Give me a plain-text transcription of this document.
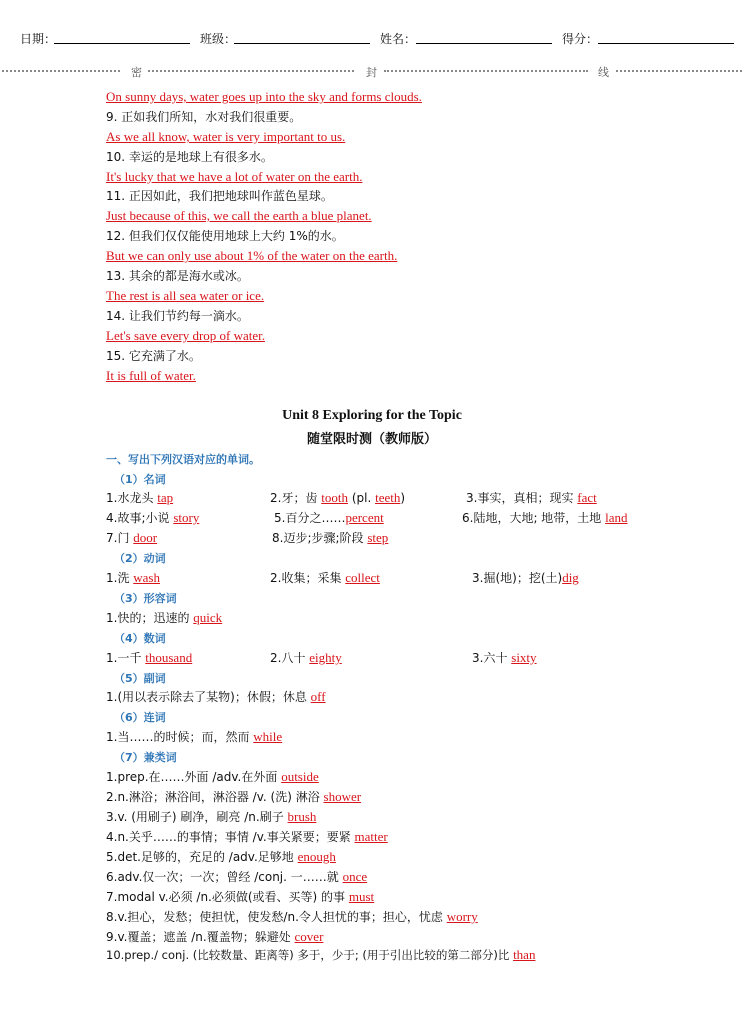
日期：	班级：	姓名：	得分：
密	封	线
On sunny days, water goes up into the sky and forms clouds.
9. 正如我们所知，水对我们很重要。
As we all know, water is very important to us.
10. 幸运的是地球上有很多水。
It's lucky that we have a lot of water on the earth.
11. 正因如此，我们把地球叫作蓝色星球。
Just because of this, we call the earth a blue planet.
12. 但我们仅仅能使用地球上大约 1%的水。
But we can only use about 1% of the water on the earth.
13. 其余的都是海水或冰。
The rest is all sea water or ice.
14. 让我们节约每一滴水。
Let's save every drop of water.
15. 它充满了水。
It is full of water.
Unit 8 Exploring for the Topic
随堂限时测（教师版）
一、写出下列汉语对应的单词。
（1）名词
1.水龙头 tap	2.牙；齿 tooth (pl. teeth)	3.事实，真相；现实 fact
4.故事;小说 story	5.百分之……percent	6.陆地，大地; 地带，土地 land
7.门 door	8.迈步;步骤;阶段 step
（2）动词
1.洗 wash	2.收集；采集 collect	3.掘(地)；挖(土)dig
（3）形容词
1.快的；迅速的 quick
（4）数词
1.一千 thousand	2.八十 eighty	3.六十 sixty
（5）副词
1.(用以表示除去了某物)；休假；休息 off
（6）连词
1.当……的时候；而，然而 while
（7）兼类词
1.prep.在……外面 /adv.在外面 outside
2.n.淋浴；淋浴间，淋浴器 /v. (洗) 淋浴 shower
3.v. (用刷子) 刷净，刷亮 /n.刷子 brush
4.n.关乎……的事情；事情 /v.事关紧要；要紧 matter
5.det.足够的，充足的 /adv.足够地 enough
6.adv.仅一次；一次；曾经 /conj. 一……就 once
7.modal v.必须 /n.必须做(或看、买等) 的事 must
8.v.担心，发愁；使担忧，使发愁/n.令人担忧的事；担心，忧虑 worry
9.v.覆盖；遮盖 /n.覆盖物；躲避处 cover
10.prep./ conj. (比较数量、距离等) 多于，少于; (用于引出比较的第二部分)比 than
